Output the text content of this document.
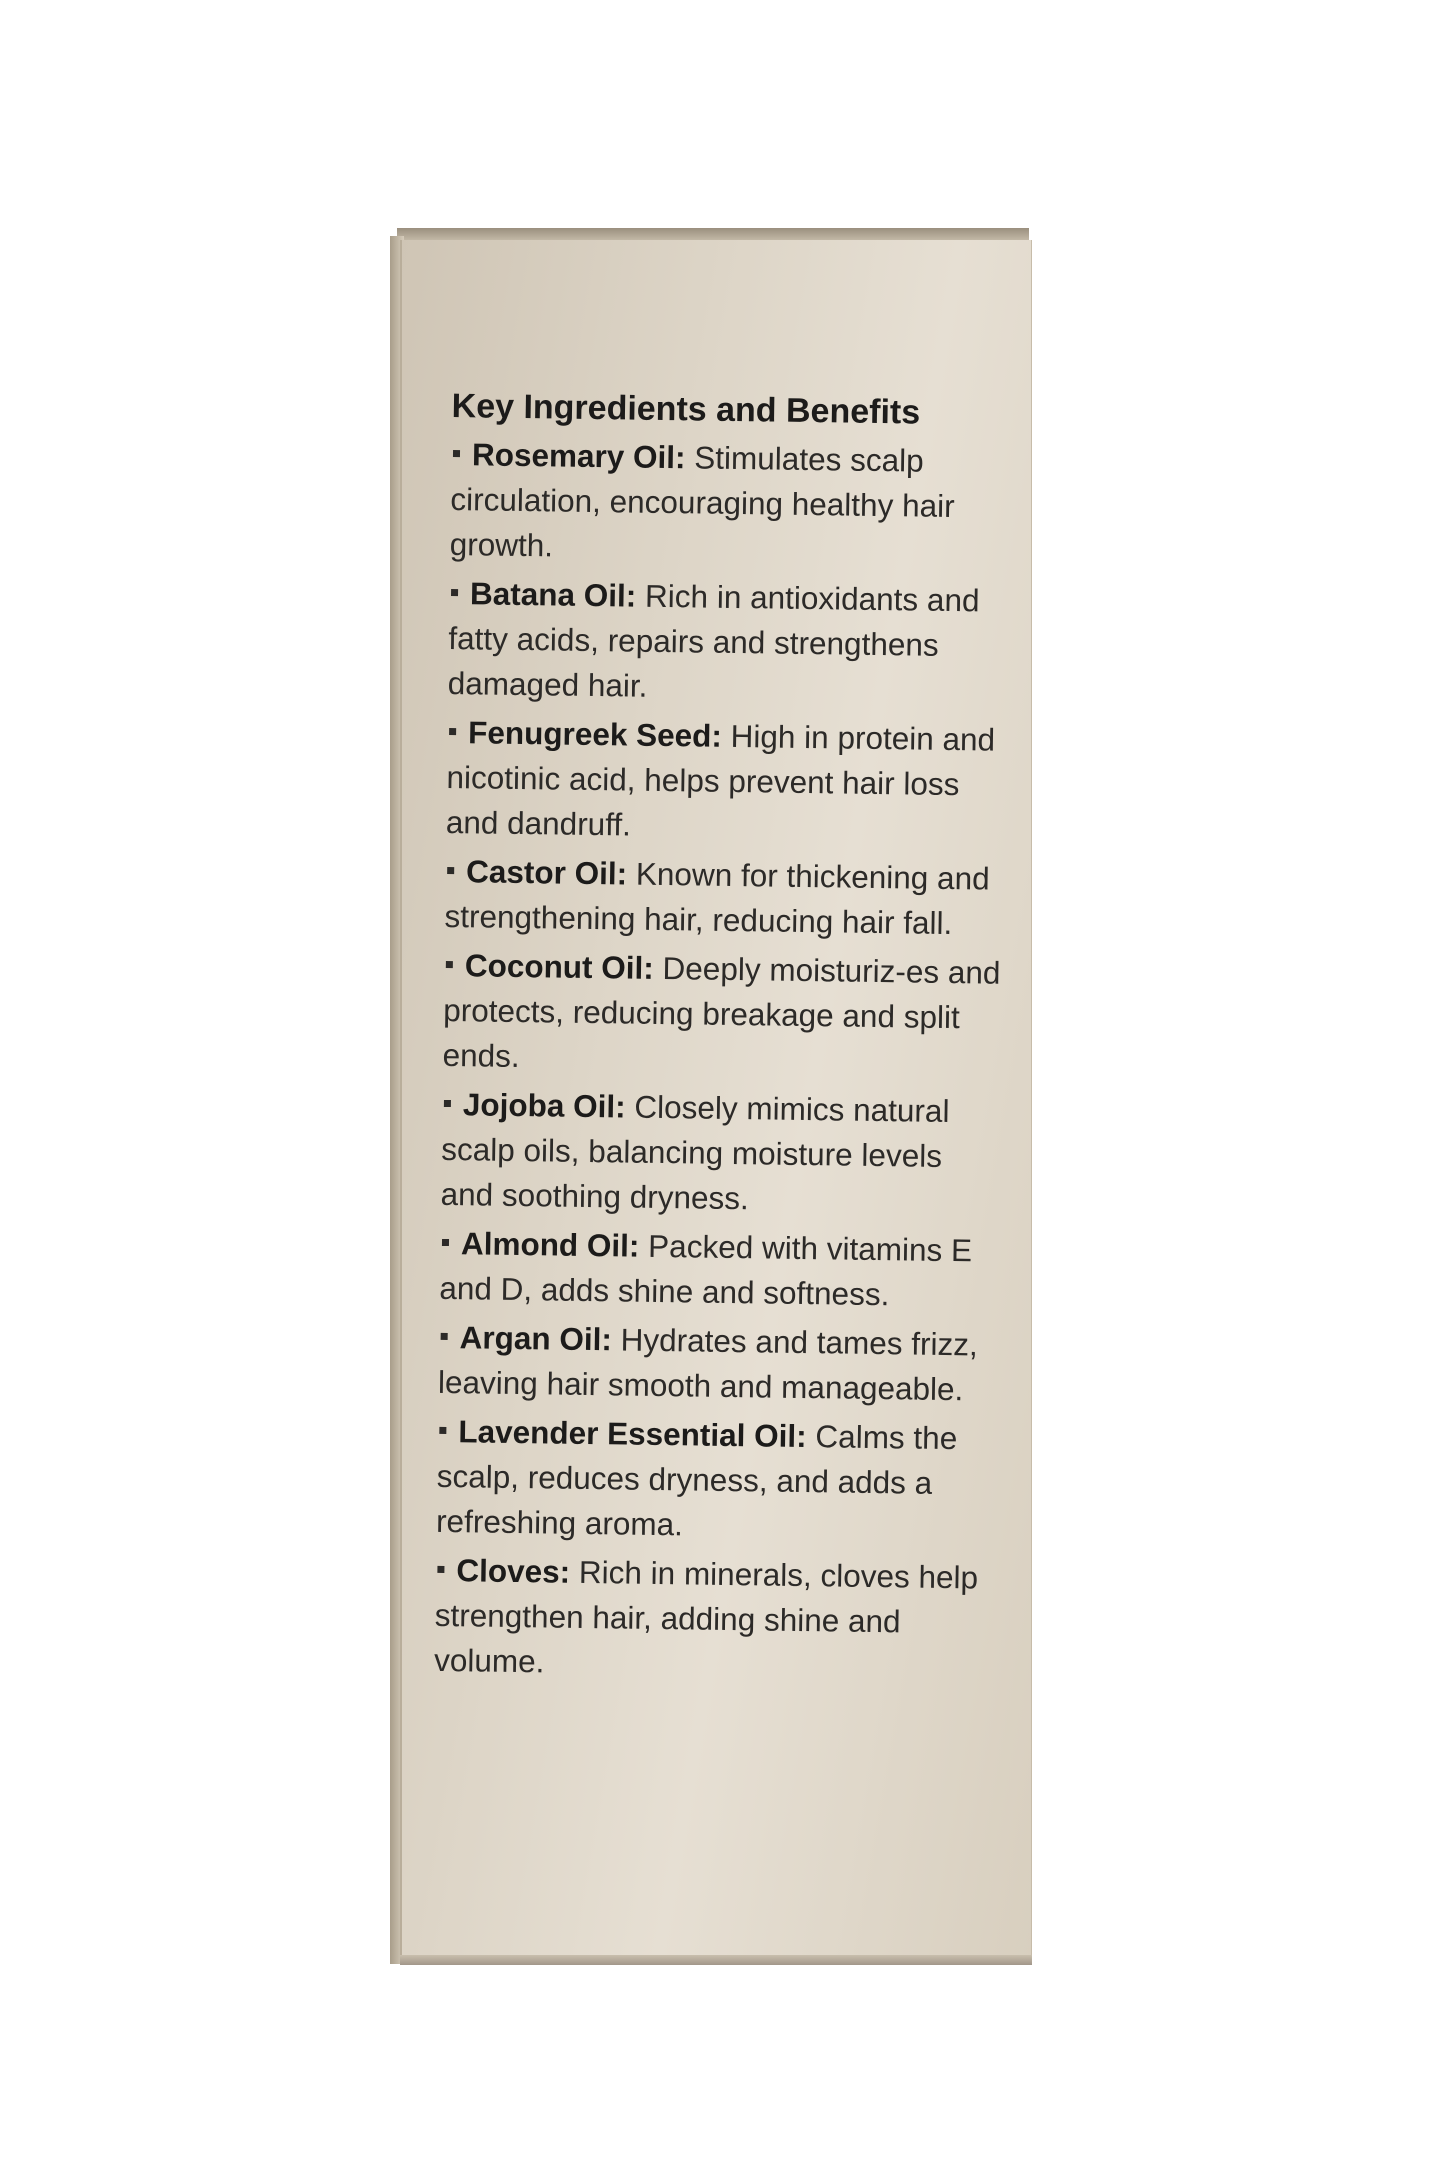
Key Ingredients and Benefits
Rosemary Oil: Stimulates scalp circulation, encouraging healthy hair growth.
Batana Oil: Rich in antioxidants and fatty acids, repairs and strengthens damaged hair.
Fenugreek Seed: High in protein and nicotinic acid, helps prevent hair loss and dandruff.
Castor Oil: Known for thickening and strengthening hair, reducing hair fall.
Coconut Oil: Deeply moisturiz-es and protects, reducing breakage and split ends.
Jojoba Oil: Closely mimics natural scalp oils, balancing moisture levels and soothing dryness.
Almond Oil: Packed with vitamins E and D, adds shine and softness.
Argan Oil: Hydrates and tames frizz, leaving hair smooth and manageable.
Lavender Essential Oil: Calms the scalp, reduces dryness, and adds a refreshing aroma.
Cloves: Rich in minerals, cloves help strengthen hair, adding shine and volume.
